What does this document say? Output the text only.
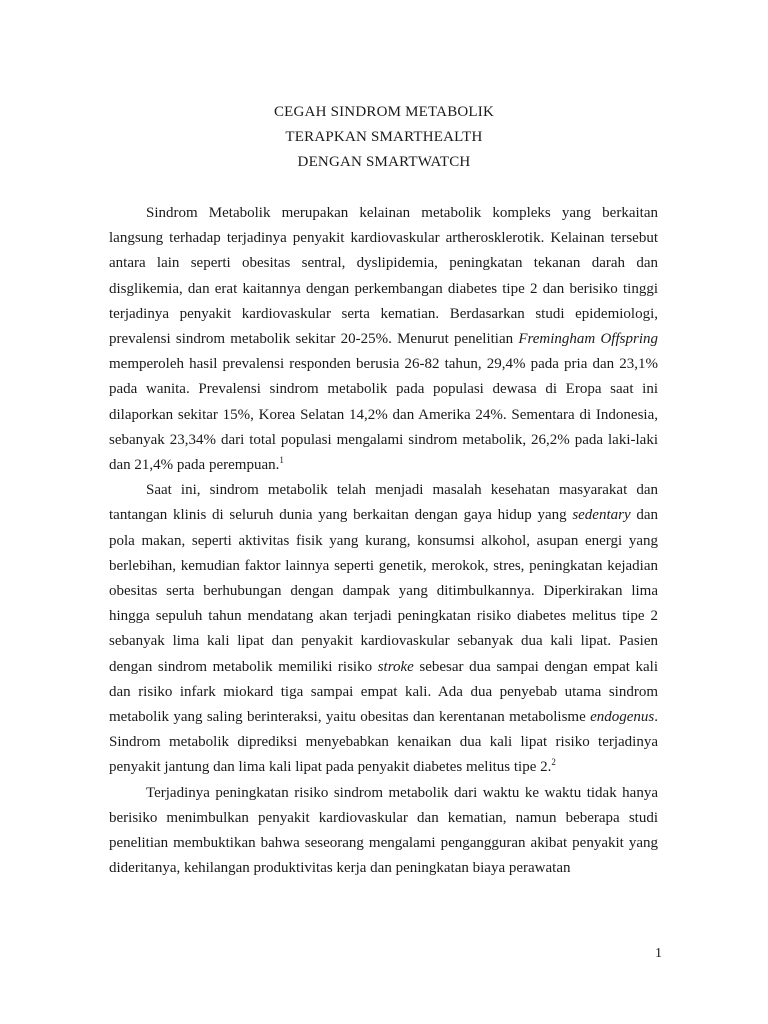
CEGAH SINDROM METABOLIK
TERAPKAN SMARTHEALTH
DENGAN SMARTWATCH

Sindrom Metabolik merupakan kelainan metabolik kompleks yang berkaitan langsung terhadap terjadinya penyakit kardiovaskular artherosklerotik. Kelainan tersebut antara lain seperti obesitas sentral, dyslipidemia, peningkatan tekanan darah dan disglikemia, dan erat kaitannya dengan perkembangan diabetes tipe 2 dan berisiko tinggi terjadinya penyakit kardiovaskular serta kematian. Berdasarkan studi epidemiologi, prevalensi sindrom metabolik sekitar 20-25%. Menurut penelitian Fremingham Offspring memperoleh hasil prevalensi responden berusia 26-82 tahun, 29,4% pada pria dan 23,1% pada wanita. Prevalensi sindrom metabolik pada populasi dewasa di Eropa saat ini dilaporkan sekitar 15%, Korea Selatan 14,2% dan Amerika 24%. Sementara di Indonesia, sebanyak 23,34% dari total populasi mengalami sindrom metabolik, 26,2% pada laki-laki dan 21,4% pada perempuan.$^1$

Saat ini, sindrom metabolik telah menjadi masalah kesehatan masyarakat dan tantangan klinis di seluruh dunia yang berkaitan dengan gaya hidup yang sedentary dan pola makan, seperti aktivitas fisik yang kurang, konsumsi alkohol, asupan energi yang berlebihan, kemudian faktor lainnya seperti genetik, merokok, stres, peningkatan kejadian obesitas serta berhubungan dengan dampak yang ditimbulkannya. Diperkirakan lima hingga sepuluh tahun mendatang akan terjadi peningkatan risiko diabetes melitus tipe 2 sebanyak lima kali lipat dan penyakit kardiovaskular sebanyak dua kali lipat. Pasien dengan sindrom metabolik memiliki risiko stroke sebesar dua sampai dengan empat kali dan risiko infark miokard tiga sampai empat kali. Ada dua penyebab utama sindrom metabolik yang saling berinteraksi, yaitu obesitas dan kerentanan metabolisme endogenus. Sindrom metabolik diprediksi menyebabkan kenaikan dua kali lipat risiko terjadinya penyakit jantung dan lima kali lipat pada penyakit diabetes melitus tipe 2.$^2$

Terjadinya peningkatan risiko sindrom metabolik dari waktu ke waktu tidak hanya berisiko menimbulkan penyakit kardiovaskular dan kematian, namun beberapa studi penelitian membuktikan bahwa seseorang mengalami pengangguran akibat penyakit yang dideritanya, kehilangan produktivitas kerja dan peningkatan biaya perawatan

1
